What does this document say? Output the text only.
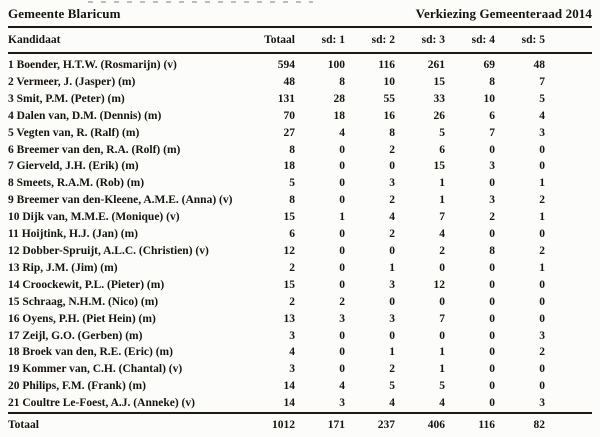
Gemeente Blaricum	Verkiezing Gemeenteraad 2014
Kandidaat	Totaal	sd: 1	sd: 2	sd: 3	sd: 4	sd: 5	
1 Boender, H.T.W. (Rosmarijn) (v)	594	100	116	261	69	48	
2 Vermeer, J. (Jasper) (m)	48	8	10	15	8	7	
3 Smit, P.M. (Peter) (m)	131	28	55	33	10	5	
4 Dalen van, D.M. (Dennis) (m)	70	18	16	26	6	4	
5 Vegten van, R. (Ralf) (m)	27	4	8	5	7	3	
6 Breemer van den, R.A. (Rolf) (m)	8	0	2	6	0	0	
7 Gierveld, J.H. (Erik) (m)	18	0	0	15	3	0	
8 Smeets, R.A.M. (Rob) (m)	5	0	3	1	0	1	
9 Breemer van den-Kleene, A.M.E. (Anna) (v)	8	0	2	1	3	2	
10 Dijk van, M.M.E. (Monique) (v)	15	1	4	7	2	1	
11 Hoijtink, H.J. (Jan) (m)	6	0	2	4	0	0	
12 Dobber-Spruijt, A.L.C. (Christien) (v)	12	0	0	2	8	2	
13 Rip, J.M. (Jim) (m)	2	0	1	0	0	1	
14 Croockewit, P.L. (Pieter) (m)	15	0	3	12	0	0	
15 Schraag, N.H.M. (Nico) (m)	2	2	0	0	0	0	
16 Oyens, P.H. (Piet Hein) (m)	13	3	3	7	0	0	
17 Zeijl, G.O. (Gerben) (m)	3	0	0	0	0	3	
18 Broek van den, R.E. (Eric) (m)	4	0	1	1	0	2	
19 Kommer van, C.H. (Chantal) (v)	3	0	2	1	0	0	
20 Philips, F.M. (Frank) (m)	14	4	5	5	0	0	
21 Coultre Le-Foest, A.J. (Anneke) (v)	14	3	4	4	0	3	
Totaal	1012	171	237	406	116	82	
